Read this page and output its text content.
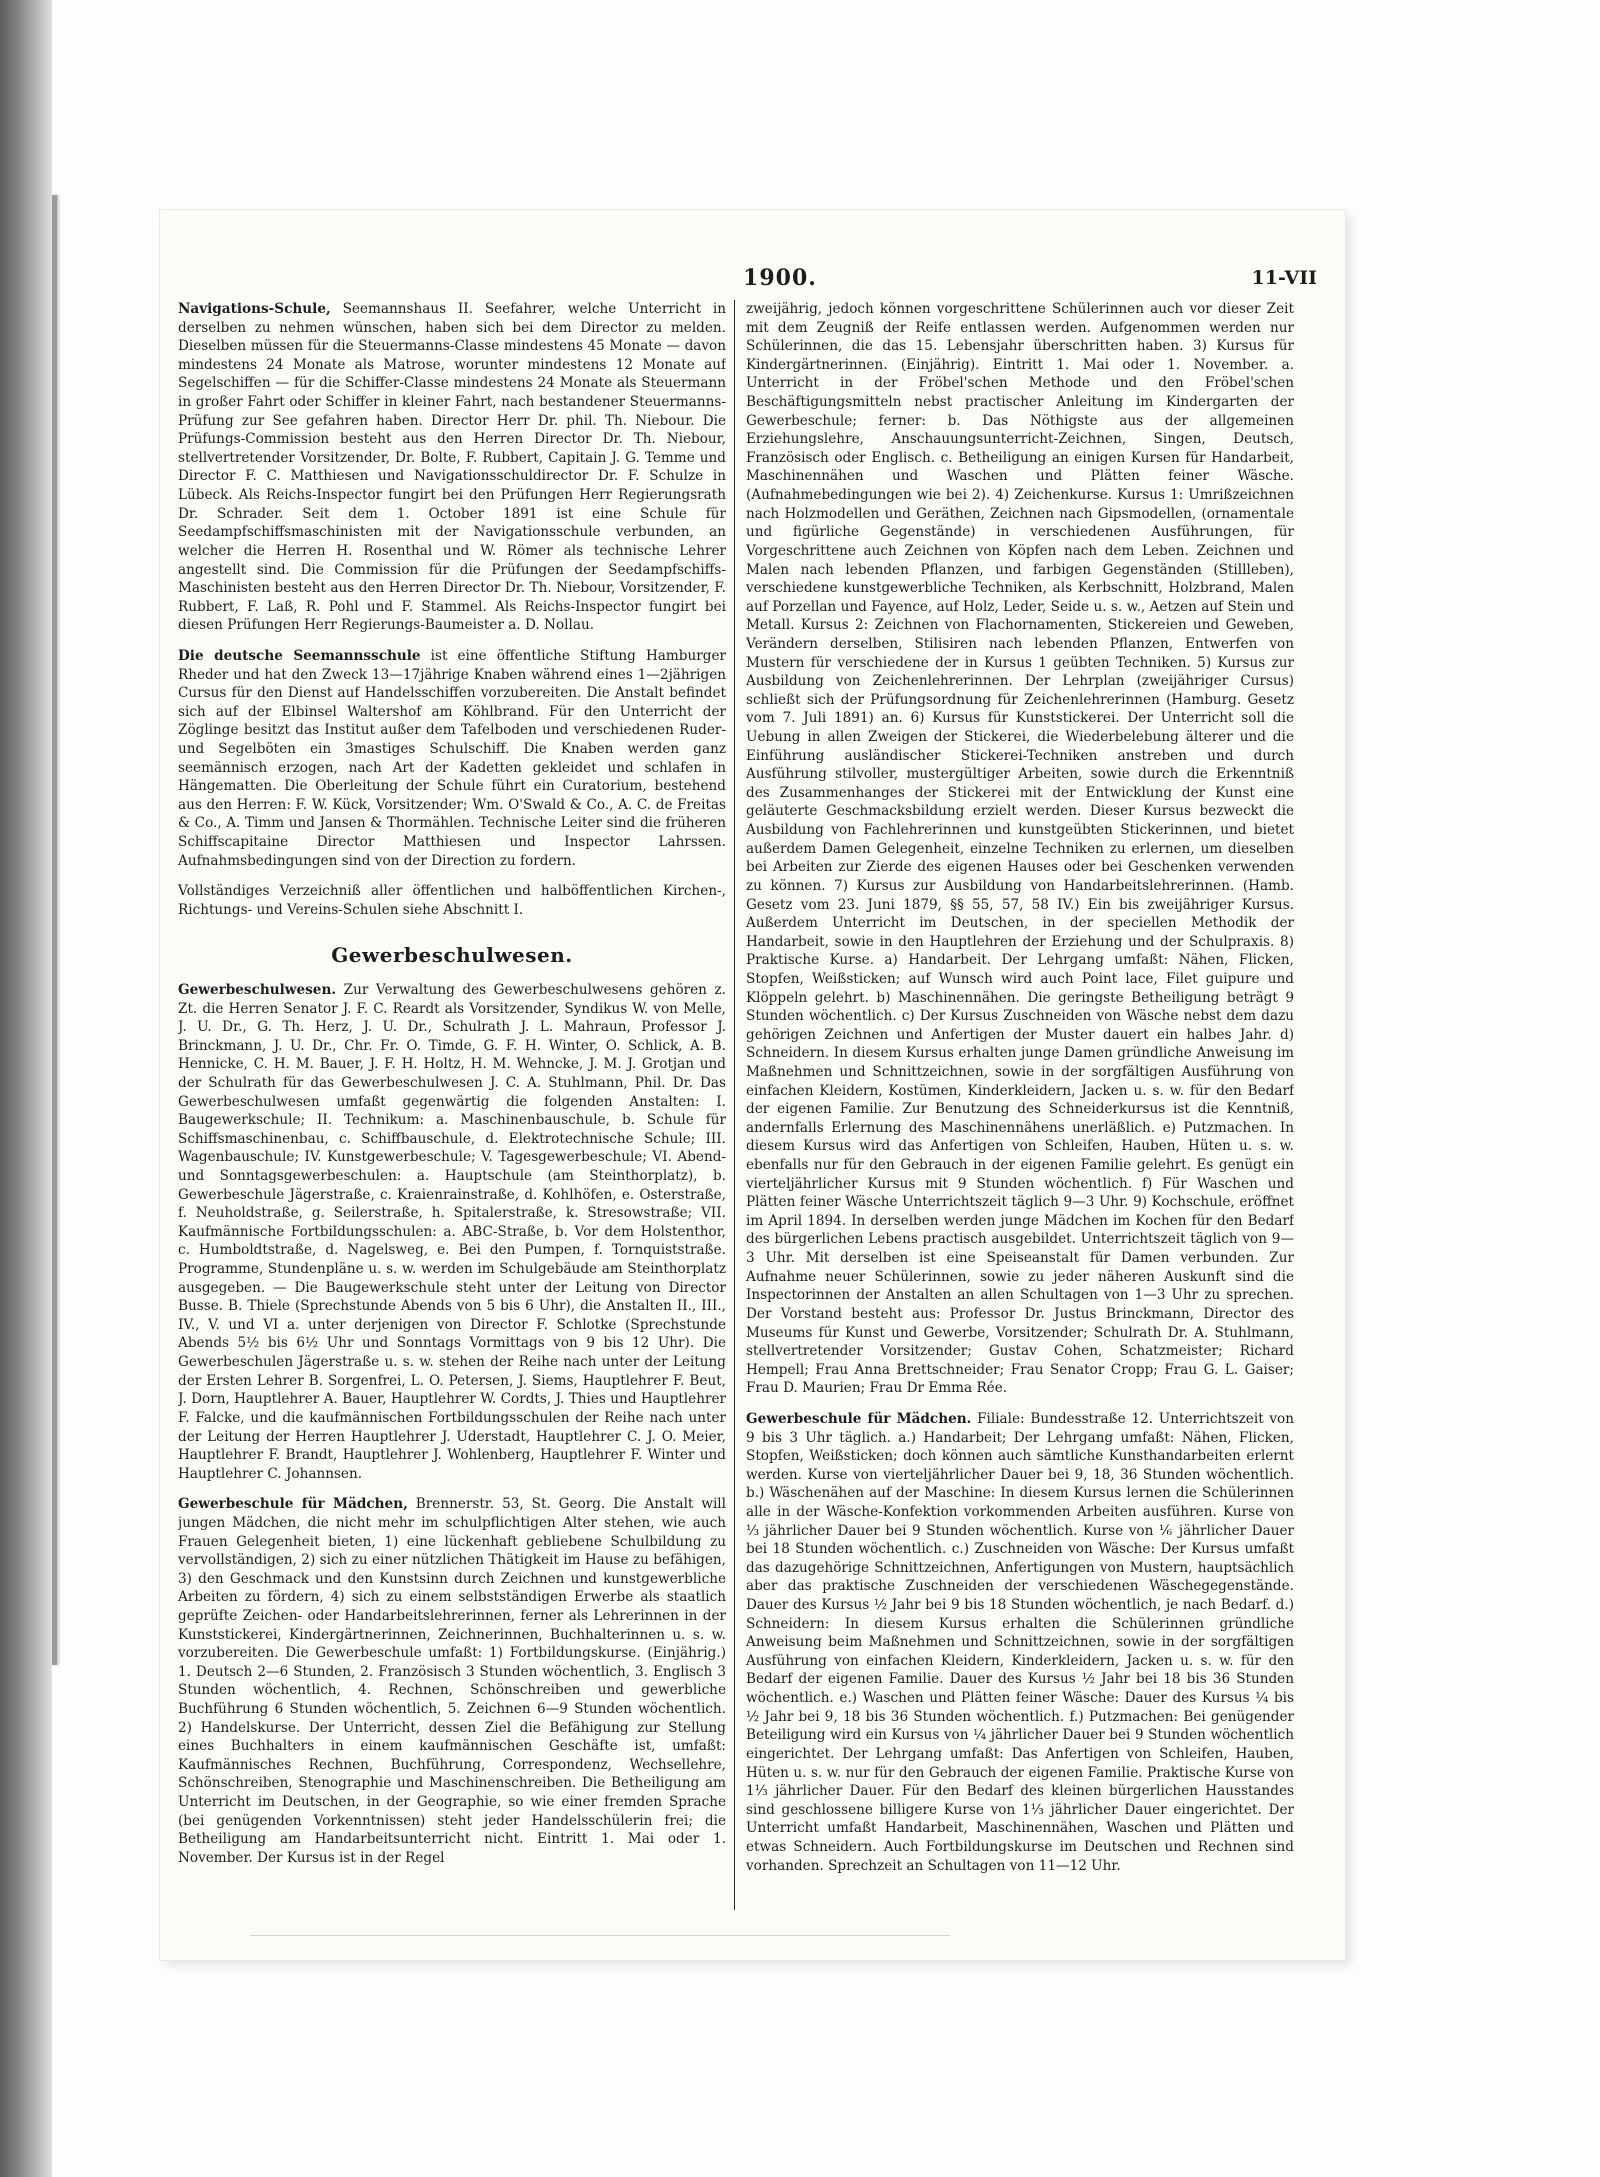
1900.	11-VII

Navigations-Schule, Seemannshaus II. Seefahrer, welche Unterricht in derselben zu nehmen wünschen, haben sich bei dem Director zu melden. Dieselben müssen für die Steuermanns-Classe mindestens 45 Monate — davon mindestens 24 Monate als Matrose, worunter mindestens 12 Monate auf Segelschiffen — für die Schiffer-Classe mindestens 24 Monate als Steuermann in großer Fahrt oder Schiffer in kleiner Fahrt, nach bestandener Steuermanns-Prüfung zur See gefahren haben. Director Herr Dr. phil. Th. Niebour. Die Prüfungs-Commission besteht aus den Herren Director Dr. Th. Niebour, stellvertretender Vorsitzender, Dr. Bolte, F. Rubbert, Capitain J. G. Temme und Director F. C. Matthiesen und Navigationsschuldirector Dr. F. Schulze in Lübeck. Als Reichs-Inspector fungirt bei den Prüfungen Herr Regierungsrath Dr. Schrader. Seit dem 1. October 1891 ist eine Schule für Seedampfschiffsmaschinisten mit der Navigationsschule verbunden, an welcher die Herren H. Rosenthal und W. Römer als technische Lehrer angestellt sind. Die Commission für die Prüfungen der Seedampfschiffs-Maschinisten besteht aus den Herren Director Dr. Th. Niebour, Vorsitzender, F. Rubbert, F. Laß, R. Pohl und F. Stammel. Als Reichs-Inspector fungirt bei diesen Prüfungen Herr Regierungs-Baumeister a. D. Nollau.

Die deutsche Seemannsschule ist eine öffentliche Stiftung Hamburger Rheder und hat den Zweck 13—17jährige Knaben während eines 1—2jährigen Cursus für den Dienst auf Handelsschiffen vorzubereiten. Die Anstalt befindet sich auf der Elbinsel Waltershof am Köhlbrand. Für den Unterricht der Zöglinge besitzt das Institut außer dem Tafelboden und verschiedenen Ruder- und Segelböten ein 3mastiges Schulschiff. Die Knaben werden ganz seemännisch erzogen, nach Art der Kadetten gekleidet und schlafen in Hängematten. Die Oberleitung der Schule führt ein Curatorium, bestehend aus den Herren: F. W. Kück, Vorsitzender; Wm. O'Swald & Co., A. C. de Freitas & Co., A. Timm und Jansen & Thormählen. Technische Leiter sind die früheren Schiffscapitaine Director Matthiesen und Inspector Lahrssen. Aufnahmsbedingungen sind von der Direction zu fordern.

Vollständiges Verzeichniß aller öffentlichen und halböffentlichen Kirchen-, Richtungs- und Vereins-Schulen siehe Abschnitt I.

Gewerbeschulwesen.

Gewerbeschulwesen. Zur Verwaltung des Gewerbeschulwesens gehören z. Zt. die Herren Senator J. F. C. Reardt als Vorsitzender, Syndikus W. von Melle, J. U. Dr., G. Th. Herz, J. U. Dr., Schulrath J. L. Mahraun, Professor J. Brinckmann, J. U. Dr., Chr. Fr. O. Timde, G. F. H. Winter, O. Schlick, A. B. Hennicke, C. H. M. Bauer, J. F. H. Holtz, H. M. Wehncke, J. M. J. Grotjan und der Schulrath für das Gewerbeschulwesen J. C. A. Stuhlmann, Phil. Dr. Das Gewerbeschulwesen umfaßt gegenwärtig die folgenden Anstalten: I. Baugewerkschule; II. Technikum: a. Maschinenbauschule, b. Schule für Schiffsmaschinenbau, c. Schiffbauschule, d. Elektrotechnische Schule; III. Wagenbauschule; IV. Kunstgewerbeschule; V. Tagesgewerbeschule; VI. Abend- und Sonntagsgewerbeschulen: a. Hauptschule (am Steinthorplatz), b. Gewerbeschule Jägerstraße, c. Kraienrainstraße, d. Kohlhöfen, e. Osterstraße, f. Neuholdstraße, g. Seilerstraße, h. Spitalerstraße, k. Stresowstraße; VII. Kaufmännische Fortbildungsschulen: a. ABC-Straße, b. Vor dem Holstenthor, c. Humboldtstraße, d. Nagelsweg, e. Bei den Pumpen, f. Tornquiststraße. Programme, Stundenpläne u. s. w. werden im Schulgebäude am Steinthorplatz ausgegeben. — Die Baugewerkschule steht unter der Leitung von Director Busse. B. Thiele (Sprechstunde Abends von 5 bis 6 Uhr), die Anstalten II., III., IV., V. und VI a. unter derjenigen von Director F. Schlotke (Sprechstunde Abends 5½ bis 6½ Uhr und Sonntags Vormittags von 9 bis 12 Uhr). Die Gewerbeschulen Jägerstraße u. s. w. stehen der Reihe nach unter der Leitung der Ersten Lehrer B. Sorgenfrei, L. O. Petersen, J. Siems, Hauptlehrer F. Beut, J. Dorn, Hauptlehrer A. Bauer, Hauptlehrer W. Cordts, J. Thies und Hauptlehrer F. Falcke, und die kaufmännischen Fortbildungsschulen der Reihe nach unter der Leitung der Herren Hauptlehrer J. Uderstadt, Hauptlehrer C. J. O. Meier, Hauptlehrer F. Brandt, Hauptlehrer J. Wohlenberg, Hauptlehrer F. Winter und Hauptlehrer C. Johannsen.

Gewerbeschule für Mädchen, Brennerstr. 53, St. Georg. Die Anstalt will jungen Mädchen, die nicht mehr im schulpflichtigen Alter stehen, wie auch Frauen Gelegenheit bieten, 1) eine lückenhaft gebliebene Schulbildung zu vervollständigen, 2) sich zu einer nützlichen Thätigkeit im Hause zu befähigen, 3) den Geschmack und den Kunstsinn durch Zeichnen und kunstgewerbliche Arbeiten zu fördern, 4) sich zu einem selbstständigen Erwerbe als staatlich geprüfte Zeichen- oder Handarbeitslehrerinnen, ferner als Lehrerinnen in der Kunststickerei, Kindergärtnerinnen, Zeichnerinnen, Buchhalterinnen u. s. w. vorzubereiten. Die Gewerbeschule umfaßt: 1) Fortbildungskurse. (Einjährig.) 1. Deutsch 2—6 Stunden, 2. Französisch 3 Stunden wöchentlich, 3. Englisch 3 Stunden wöchentlich, 4. Rechnen, Schönschreiben und gewerbliche Buchführung 6 Stunden wöchentlich, 5. Zeichnen 6—9 Stunden wöchentlich. 2) Handelskurse. Der Unterricht, dessen Ziel die Befähigung zur Stellung eines Buchhalters in einem kaufmännischen Geschäfte ist, umfaßt: Kaufmännisches Rechnen, Buchführung, Correspondenz, Wechsellehre, Schönschreiben, Stenographie und Maschinenschreiben. Die Betheiligung am Unterricht im Deutschen, in der Geographie, so wie einer fremden Sprache (bei genügenden Vorkenntnissen) steht jeder Handelsschülerin frei; die Betheiligung am Handarbeitsunterricht nicht. Eintritt 1. Mai oder 1. November. Der Kursus ist in der Regel

zweijährig, jedoch können vorgeschrittene Schülerinnen auch vor dieser Zeit mit dem Zeugniß der Reife entlassen werden. Aufgenommen werden nur Schülerinnen, die das 15. Lebensjahr überschritten haben. 3) Kursus für Kindergärtnerinnen. (Einjährig). Eintritt 1. Mai oder 1. November. a. Unterricht in der Fröbel'schen Methode und den Fröbel'schen Beschäftigungsmitteln nebst practischer Anleitung im Kindergarten der Gewerbeschule; ferner: b. Das Nöthigste aus der allgemeinen Erziehungslehre, Anschauungsunterricht-Zeichnen, Singen, Deutsch, Französisch oder Englisch. c. Betheiligung an einigen Kursen für Handarbeit, Maschinennähen und Waschen und Plätten feiner Wäsche. (Aufnahmebedingungen wie bei 2). 4) Zeichenkurse. Kursus 1: Umrißzeichnen nach Holzmodellen und Geräthen, Zeichnen nach Gipsmodellen, (ornamentale und figürliche Gegenstände) in verschiedenen Ausführungen, für Vorgeschrittene auch Zeichnen von Köpfen nach dem Leben. Zeichnen und Malen nach lebenden Pflanzen, und farbigen Gegenständen (Stillleben), verschiedene kunstgewerbliche Techniken, als Kerbschnitt, Holzbrand, Malen auf Porzellan und Fayence, auf Holz, Leder, Seide u. s. w., Aetzen auf Stein und Metall. Kursus 2: Zeichnen von Flachornamenten, Stickereien und Geweben, Verändern derselben, Stilisiren nach lebenden Pflanzen, Entwerfen von Mustern für verschiedene der in Kursus 1 geübten Techniken. 5) Kursus zur Ausbildung von Zeichenlehrerinnen. Der Lehrplan (zweijähriger Cursus) schließt sich der Prüfungsordnung für Zeichenlehrerinnen (Hamburg. Gesetz vom 7. Juli 1891) an. 6) Kursus für Kunststickerei. Der Unterricht soll die Uebung in allen Zweigen der Stickerei, die Wiederbelebung älterer und die Einführung ausländischer Stickerei-Techniken anstreben und durch Ausführung stilvoller, mustergültiger Arbeiten, sowie durch die Erkenntniß des Zusammenhanges der Stickerei mit der Entwicklung der Kunst eine geläuterte Geschmacksbildung erzielt werden. Dieser Kursus bezweckt die Ausbildung von Fachlehrerinnen und kunstgeübten Stickerinnen, und bietet außerdem Damen Gelegenheit, einzelne Techniken zu erlernen, um dieselben bei Arbeiten zur Zierde des eigenen Hauses oder bei Geschenken verwenden zu können. 7) Kursus zur Ausbildung von Handarbeitslehrerinnen. (Hamb. Gesetz vom 23. Juni 1879, §§ 55, 57, 58 IV.) Ein bis zweijähriger Kursus. Außerdem Unterricht im Deutschen, in der speciellen Methodik der Handarbeit, sowie in den Hauptlehren der Erziehung und der Schulpraxis. 8) Praktische Kurse. a) Handarbeit. Der Lehrgang umfaßt: Nähen, Flicken, Stopfen, Weißsticken; auf Wunsch wird auch Point lace, Filet guipure und Klöppeln gelehrt. b) Maschinennähen. Die geringste Betheiligung beträgt 9 Stunden wöchentlich. c) Der Kursus Zuschneiden von Wäsche nebst dem dazu gehörigen Zeichnen und Anfertigen der Muster dauert ein halbes Jahr. d) Schneidern. In diesem Kursus erhalten junge Damen gründliche Anweisung im Maßnehmen und Schnittzeichnen, sowie in der sorgfältigen Ausführung von einfachen Kleidern, Kostümen, Kinderkleidern, Jacken u. s. w. für den Bedarf der eigenen Familie. Zur Benutzung des Schneiderkursus ist die Kenntniß, andernfalls Erlernung des Maschinennähens unerläßlich. e) Putzmachen. In diesem Kursus wird das Anfertigen von Schleifen, Hauben, Hüten u. s. w. ebenfalls nur für den Gebrauch in der eigenen Familie gelehrt. Es genügt ein vierteljährlicher Kursus mit 9 Stunden wöchentlich. f) Für Waschen und Plätten feiner Wäsche Unterrichtszeit täglich 9—3 Uhr. 9) Kochschule, eröffnet im April 1894. In derselben werden junge Mädchen im Kochen für den Bedarf des bürgerlichen Lebens practisch ausgebildet. Unterrichtszeit täglich von 9—3 Uhr. Mit derselben ist eine Speiseanstalt für Damen verbunden. Zur Aufnahme neuer Schülerinnen, sowie zu jeder näheren Auskunft sind die Inspectorinnen der Anstalten an allen Schultagen von 1—3 Uhr zu sprechen. Der Vorstand besteht aus: Professor Dr. Justus Brinckmann, Director des Museums für Kunst und Gewerbe, Vorsitzender; Schulrath Dr. A. Stuhlmann, stellvertretender Vorsitzender; Gustav Cohen, Schatzmeister; Richard Hempell; Frau Anna Brettschneider; Frau Senator Cropp; Frau G. L. Gaiser; Frau D. Maurien; Frau Dr Emma Rée.

Gewerbeschule für Mädchen. Filiale: Bundesstraße 12. Unterrichtszeit von 9 bis 3 Uhr täglich. a.) Handarbeit; Der Lehrgang umfaßt: Nähen, Flicken, Stopfen, Weißsticken; doch können auch sämtliche Kunsthandarbeiten erlernt werden. Kurse von vierteljährlicher Dauer bei 9, 18, 36 Stunden wöchentlich. b.) Wäschenähen auf der Maschine: In diesem Kursus lernen die Schülerinnen alle in der Wäsche-Konfektion vorkommenden Arbeiten ausführen. Kurse von ⅓ jährlicher Dauer bei 9 Stunden wöchentlich. Kurse von ⅙ jährlicher Dauer bei 18 Stunden wöchentlich. c.) Zuschneiden von Wäsche: Der Kursus umfaßt das dazugehörige Schnittzeichnen, Anfertigungen von Mustern, hauptsächlich aber das praktische Zuschneiden der verschiedenen Wäschegegenstände. Dauer des Kursus ½ Jahr bei 9 bis 18 Stunden wöchentlich, je nach Bedarf. d.) Schneidern: In diesem Kursus erhalten die Schülerinnen gründliche Anweisung beim Maßnehmen und Schnittzeichnen, sowie in der sorgfältigen Ausführung von einfachen Kleidern, Kinderkleidern, Jacken u. s. w. für den Bedarf der eigenen Familie. Dauer des Kursus ½ Jahr bei 18 bis 36 Stunden wöchentlich. e.) Waschen und Plätten feiner Wäsche: Dauer des Kursus ¼ bis ½ Jahr bei 9, 18 bis 36 Stunden wöchentlich. f.) Putzmachen: Bei genügender Beteiligung wird ein Kursus von ¼ jährlicher Dauer bei 9 Stunden wöchentlich eingerichtet. Der Lehrgang umfaßt: Das Anfertigen von Schleifen, Hauben, Hüten u. s. w. nur für den Gebrauch der eigenen Familie. Praktische Kurse von 1⅓ jährlicher Dauer. Für den Bedarf des kleinen bürgerlichen Hausstandes sind geschlossene billigere Kurse von 1⅓ jährlicher Dauer eingerichtet. Der Unterricht umfaßt Handarbeit, Maschinennähen, Waschen und Plätten und etwas Schneidern. Auch Fortbildungskurse im Deutschen und Rechnen sind vorhanden. Sprechzeit an Schultagen von 11—12 Uhr.
